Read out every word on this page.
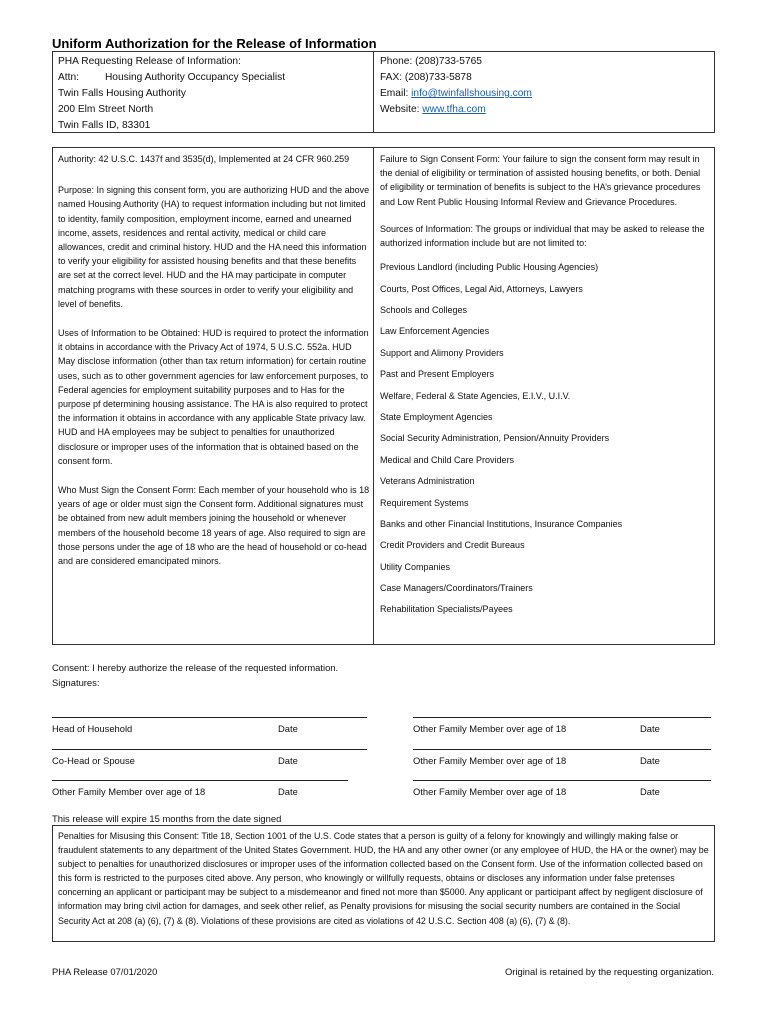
Uniform Authorization for the Release of Information
PHA Requesting Release of Information:
Attn:	Housing Authority Occupancy Specialist
Twin Falls Housing Authority
200 Elm Street North
Twin Falls ID, 83301
Phone: (208)733-5765
FAX: (208)733-5878
Email: info@twinfallshousing.com
Website: www.tfha.com

Authority: 42 U.S.C. 1437f and 3535(d), Implemented at 24 CFR 960.259

Purpose: In signing this consent form, you are authorizing HUD and the above named Housing Authority (HA) to request information including but not limited to identity, family composition, employment income, earned and unearned income, assets, residences and rental activity, medical or child care allowances, credit and criminal history. HUD and the HA need this information to verify your eligibility for assisted housing benefits and that these benefits are set at the correct level. HUD and the HA may participate in computer matching programs with these sources in order to verify your eligibility and level of benefits.

Uses of Information to be Obtained: HUD is required to protect the information it obtains in accordance with the Privacy Act of 1974, 5 U.S.C. 552a. HUD May disclose information (other than tax return information) for certain routine uses, such as to other government agencies for law enforcement purposes, to Federal agencies for employment suitability purposes and to Has for the purpose pf determining housing assistance. The HA is also required to protect the information it obtains in accordance with any applicable State privacy law. HUD and HA employees may be subject to penalties for unauthorized disclosure or improper uses of the information that is obtained based on the consent form.

Who Must Sign the Consent Form: Each member of your household who is 18 years of age or older must sign the Consent form. Additional signatures must be obtained from new adult members joining the household or whenever members of the household become 18 years of age. Also required to sign are those persons under the age of 18 who are the head of household or co-head and are considered emancipated minors.

Failure to Sign Consent Form: Your failure to sign the consent form may result in the denial of eligibility or termination of assisted housing benefits, or both. Denial of eligibility or termination of benefits is subject to the HA’s grievance procedures and Low Rent Public Housing Informal Review and Grievance Procedures.

Sources of Information: The groups or individual that may be asked to release the authorized information include but are not limited to:

Previous Landlord (including Public Housing Agencies)
Courts, Post Offices, Legal Aid, Attorneys, Lawyers
Schools and Colleges
Law Enforcement Agencies
Support and Alimony Providers
Past and Present Employers
Welfare, Federal & State Agencies, E.I.V., U.I.V.
State Employment Agencies
Social Security Administration, Pension/Annuity Providers
Medical and Child Care Providers
Veterans Administration
Requirement Systems
Banks and other Financial Institutions, Insurance Companies
Credit Providers and Credit Bureaus
Utility Companies
Case Managers/Coordinators/Trainers
Rehabilitation Specialists/Payees
Consent: I hereby authorize the release of the requested information.
Signatures:
Head of Household	Date
Co-Head or Spouse	Date
Other Family Member over age of 18	Date
Other Family Member over age of 18	Date
Other Family Member over age of 18	Date
Other Family Member over age of 18	Date
This release will expire 15 months from the date signed

Penalties for Misusing this Consent: Title 18, Section 1001 of the U.S. Code states that a person is guilty of a felony for knowingly and willingly making false or fraudulent statements to any department of the United States Government. HUD, the HA and any other owner (or any employee of HUD, the HA or the owner) may be subject to penalties for unauthorized disclosures or improper uses of the information collected based on the Consent form. Use of the information collected based on this form is restricted to the purposes cited above. Any person, who knowingly or willfully requests, obtains or discloses any information under false pretenses concerning an applicant or participant may be subject to a misdemeanor and fined not more than $5000. Any applicant or participant affect by negligent disclosure of information may bring civil action for damages, and seek other relief, as Penalty provisions for misusing the social security numbers are contained in the Social Security Act at 208 (a) (6), (7) & (8). Violations of these provisions are cited as violations of 42 U.S.C. Section 408 (a) (6), (7) & (8).

PHA Release 07/01/2020	Original is retained by the requesting organization.
